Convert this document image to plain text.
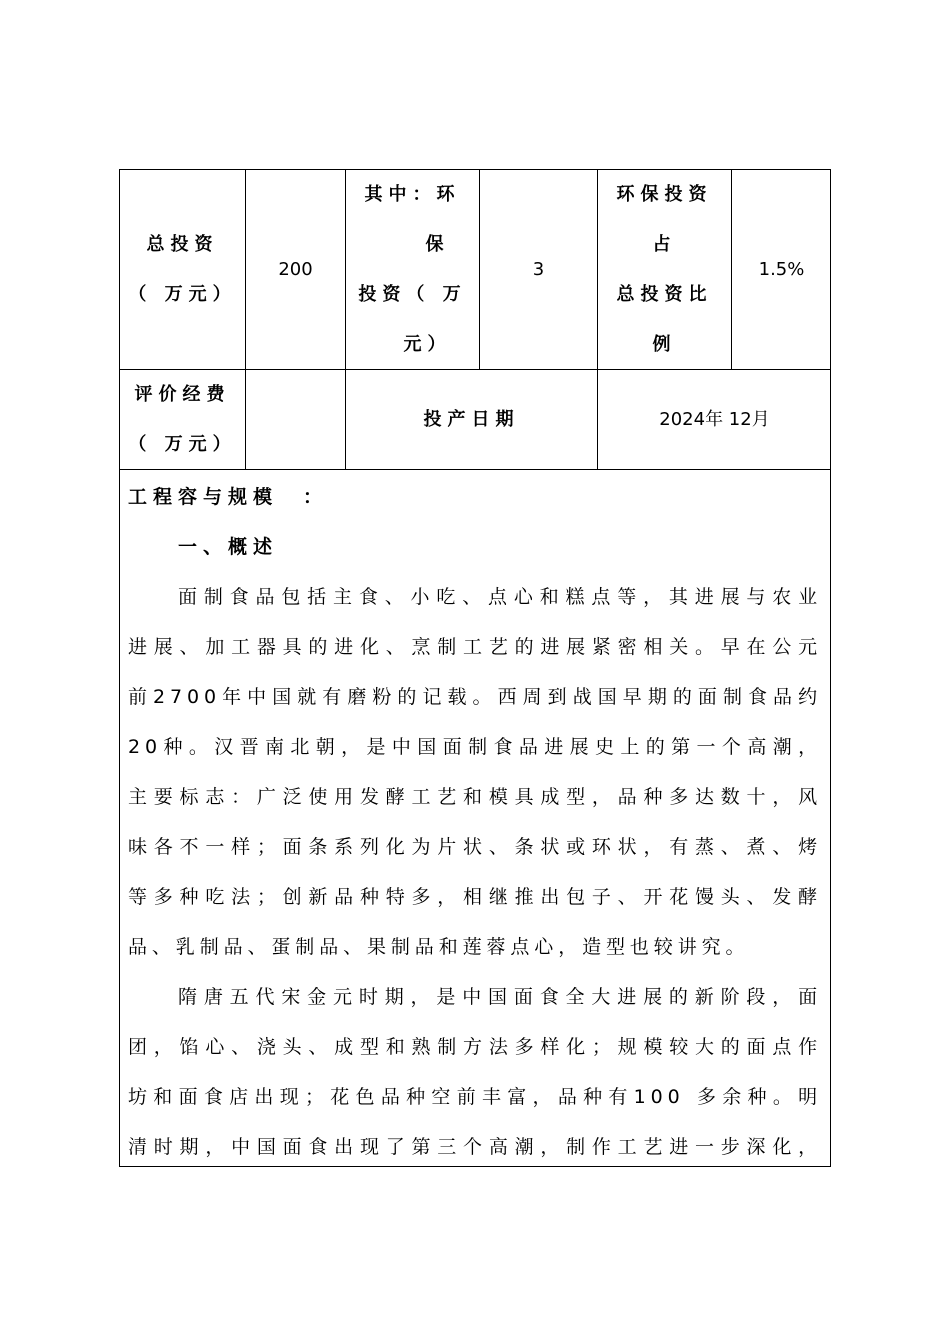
总投资
（ 万元）
200
其中：环
保
投资（ 万
元）
3
环保投资
占
总投资比
例
1.5%
评价经费
（ 万元）
投产日期	2024年 12月
工程容与规模　：
一、概述
面制食品包括主食、小吃、点心和糕点等，其进展与农业
进展、加工器具的进化、烹制工艺的进展紧密相关。早在公元
前2700年中国就有磨粉的记载。西周到战国早期的面制食品约
20种。汉晋南北朝，是中国面制食品进展史上的第一个高潮，
主要标志：广泛使用发酵工艺和模具成型，品种多达数十，风
味各不一样；面条系列化为片状、条状或环状，有蒸、煮、烤
等多种吃法；创新品种特多，相继推出包子、开花馒头、发酵
品、乳制品、蛋制品、果制品和莲蓉点心，造型也较讲究。
隋唐五代宋金元时期，是中国面食全大进展的新阶段，面
团，馅心、浇头、成型和熟制方法多样化；规模较大的面点作
坊和面食店出现；花色品种空前丰富，品种有100 多余种。明
清时期，中国面食出现了第三个高潮，制作工艺进一步深化，
